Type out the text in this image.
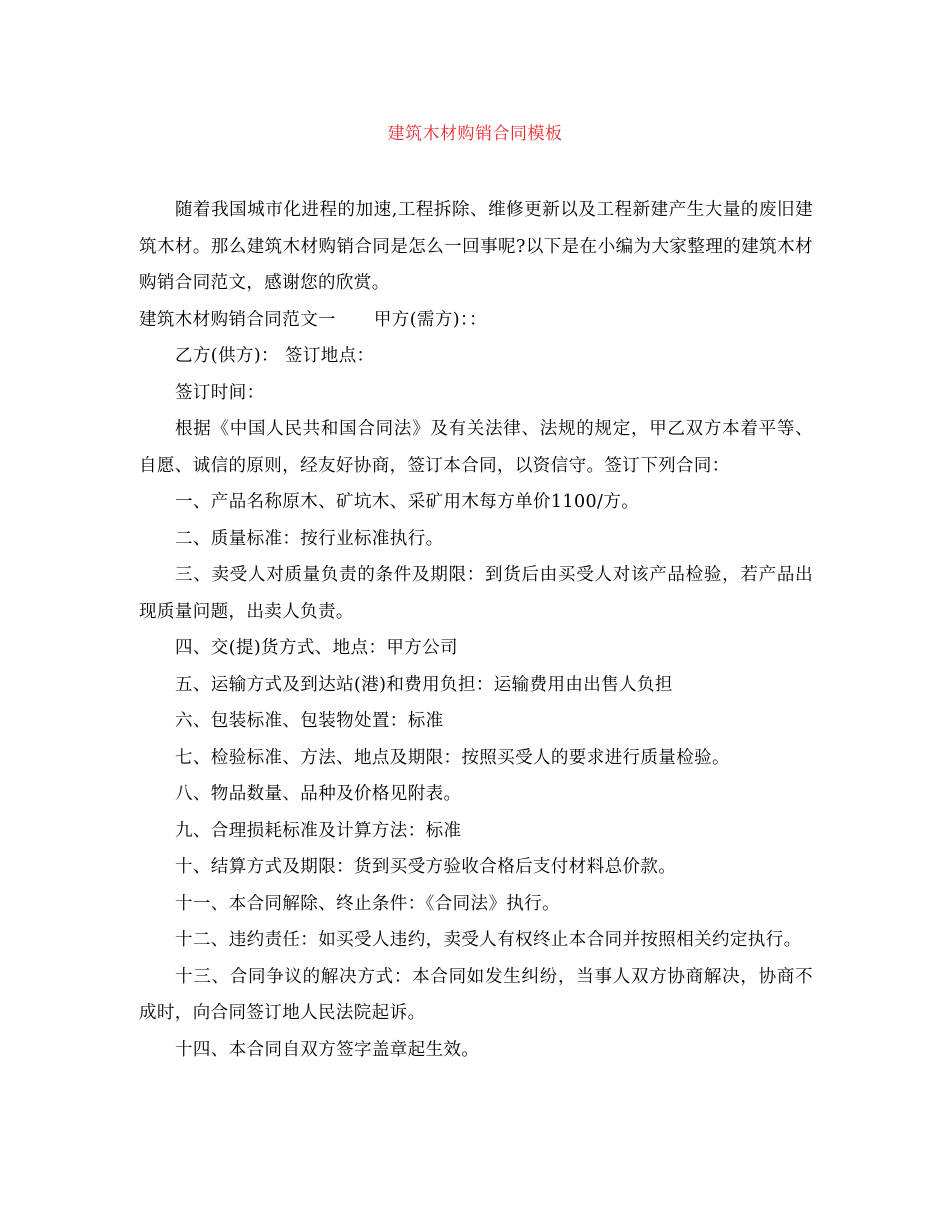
建筑木材购销合同模板

随着我国城市化进程的加速,工程拆除、维修更新以及工程新建产生大量的废旧建筑木材。那么建筑木材购销合同是怎么一回事呢?以下是在小编为大家整理的建筑木材购销合同范文，感谢您的欣赏。

建筑木材购销合同范文一 甲方(需方)：：

乙方(供方)： 签订地点：

签订时间：

根据《中国人民共和国合同法》及有关法律、法规的规定，甲乙双方本着平等、自愿、诚信的原则，经友好协商，签订本合同，以资信守。签订下列合同：

一、产品名称原木、矿坑木、采矿用木每方单价1100/方。

二、质量标准：按行业标准执行。

三、卖受人对质量负责的条件及期限：到货后由买受人对该产品检验，若产品出现质量问题，出卖人负责。

四、交(提)货方式、地点：甲方公司

五、运输方式及到达站(港)和费用负担：运输费用由出售人负担

六、包装标准、包装物处置：标准

七、检验标准、方法、地点及期限：按照买受人的要求进行质量检验。

八、物品数量、品种及价格见附表。

九、合理损耗标准及计算方法：标准

十、结算方式及期限：货到买受方验收合格后支付材料总价款。

十一、本合同解除、终止条件：《合同法》执行。

十二、违约责任：如买受人违约，卖受人有权终止本合同并按照相关约定执行。

十三、合同争议的解决方式：本合同如发生纠纷，当事人双方协商解决，协商不成时，向合同签订地人民法院起诉。

十四、本合同自双方签字盖章起生效。
